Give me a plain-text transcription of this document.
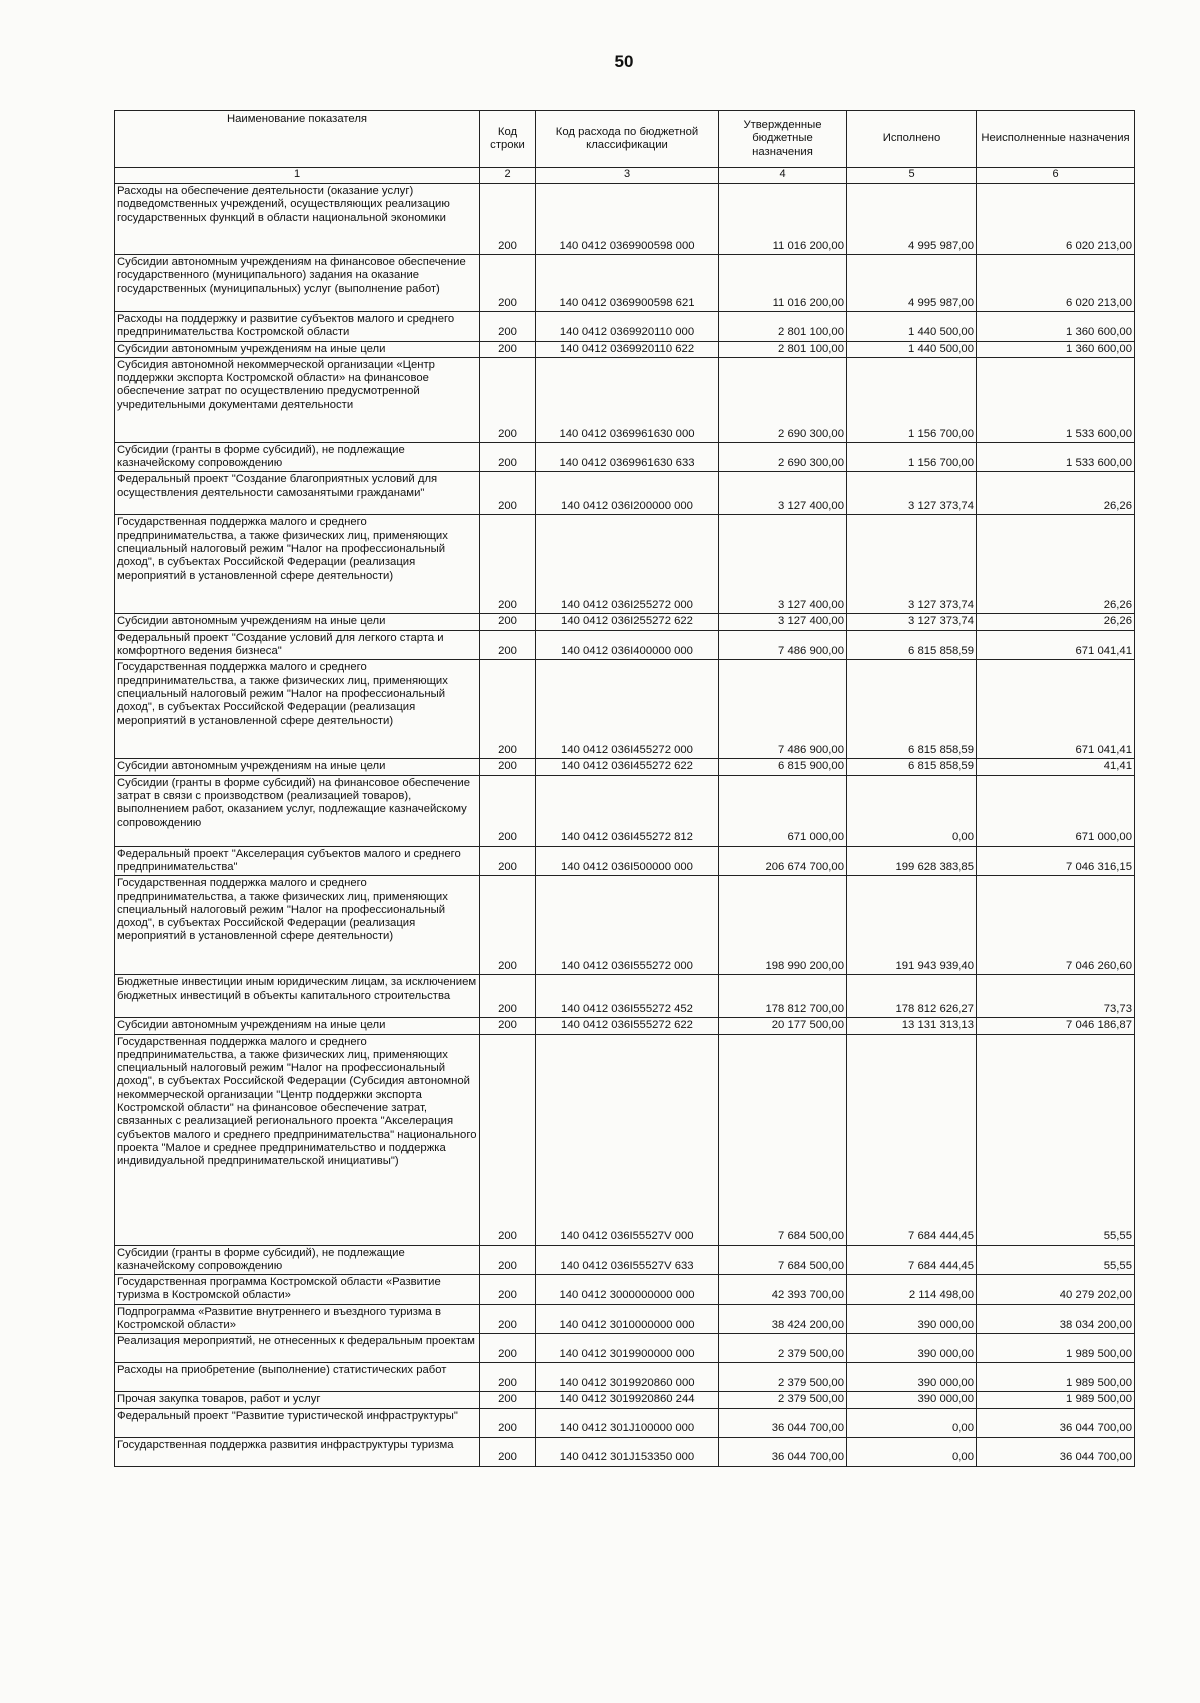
50
Наименование показателя	Код строки	Код расхода по бюджетной классификации	Утвержденные бюджетные назначения	Исполнено	Неисполненные назначения
1	2	3	4	5	6
Расходы на обеспечение деятельности (оказание услуг) подведомственных учреждений, осуществляющих реализацию государственных функций в области национальной экономики	200	140 0412 0369900598 000	11 016 200,00	4 995 987,00	6 020 213,00
Субсидии автономным учреждениям на финансовое обеспечение государственного (муниципального) задания на оказание государственных (муниципальных) услуг (выполнение работ)	200	140 0412 0369900598 621	11 016 200,00	4 995 987,00	6 020 213,00
Расходы на поддержку и развитие субъектов малого и среднего предпринимательства Костромской области	200	140 0412 0369920110 000	2 801 100,00	1 440 500,00	1 360 600,00
Субсидии автономным учреждениям на иные цели	200	140 0412 0369920110 622	2 801 100,00	1 440 500,00	1 360 600,00
Субсидия автономной некоммерческой организации «Центр поддержки экспорта Костромской области» на финансовое обеспечение затрат по осуществлению предусмотренной учредительными документами деятельности	200	140 0412 0369961630 000	2 690 300,00	1 156 700,00	1 533 600,00
Субсидии (гранты в форме субсидий), не подлежащие казначейскому сопровождению	200	140 0412 0369961630 633	2 690 300,00	1 156 700,00	1 533 600,00
Федеральный проект "Создание благоприятных условий для осуществления деятельности самозанятыми гражданами"	200	140 0412 036I200000 000	3 127 400,00	3 127 373,74	26,26
Государственная поддержка малого и среднего предпринимательства, а также физических лиц, применяющих специальный налоговый режим "Налог на профессиональный доход", в субъектах Российской Федерации (реализация мероприятий в установленной сфере деятельности)	200	140 0412 036I255272 000	3 127 400,00	3 127 373,74	26,26
Субсидии автономным учреждениям на иные цели	200	140 0412 036I255272 622	3 127 400,00	3 127 373,74	26,26
Федеральный проект "Создание условий для легкого старта и комфортного ведения бизнеса"	200	140 0412 036I400000 000	7 486 900,00	6 815 858,59	671 041,41
Государственная поддержка малого и среднего предпринимательства, а также физических лиц, применяющих специальный налоговый режим "Налог на профессиональный доход", в субъектах Российской Федерации (реализация мероприятий в установленной сфере деятельности)	200	140 0412 036I455272 000	7 486 900,00	6 815 858,59	671 041,41
Субсидии автономным учреждениям на иные цели	200	140 0412 036I455272 622	6 815 900,00	6 815 858,59	41,41
Субсидии (гранты в форме субсидий) на финансовое обеспечение затрат в связи с производством (реализацией товаров), выполнением работ, оказанием услуг, подлежащие казначейскому сопровождению	200	140 0412 036I455272 812	671 000,00	0,00	671 000,00
Федеральный проект "Акселерация субъектов малого и среднего предпринимательства"	200	140 0412 036I500000 000	206 674 700,00	199 628 383,85	7 046 316,15
Государственная поддержка малого и среднего предпринимательства, а также физических лиц, применяющих специальный налоговый режим "Налог на профессиональный доход", в субъектах Российской Федерации (реализация мероприятий в установленной сфере деятельности)	200	140 0412 036I555272 000	198 990 200,00	191 943 939,40	7 046 260,60
Бюджетные инвестиции иным юридическим лицам, за исключением бюджетных инвестиций в объекты капитального строительства	200	140 0412 036I555272 452	178 812 700,00	178 812 626,27	73,73
Субсидии автономным учреждениям на иные цели	200	140 0412 036I555272 622	20 177 500,00	13 131 313,13	7 046 186,87
Государственная поддержка малого и среднего предпринимательства, а также физических лиц, применяющих специальный налоговый режим "Налог на профессиональный доход", в субъектах Российской Федерации (Субсидия автономной некоммерческой организации "Центр поддержки экспорта Костромской области" на финансовое обеспечение затрат, связанных с реализацией регионального проекта "Акселерация субъектов малого и среднего предпринимательства" национального проекта "Малое и среднее предпринимательство и поддержка индивидуальной предпринимательской инициативы")	200	140 0412 036I55527V 000	7 684 500,00	7 684 444,45	55,55
Субсидии (гранты в форме субсидий), не подлежащие казначейскому сопровождению	200	140 0412 036I55527V 633	7 684 500,00	7 684 444,45	55,55
Государственная программа Костромской области «Развитие туризма в Костромской области»	200	140 0412 3000000000 000	42 393 700,00	2 114 498,00	40 279 202,00
Подпрограмма «Развитие внутреннего и въездного туризма в Костромской области»	200	140 0412 3010000000 000	38 424 200,00	390 000,00	38 034 200,00
Реализация мероприятий, не отнесенных к федеральным проектам	200	140 0412 3019900000 000	2 379 500,00	390 000,00	1 989 500,00
Расходы на приобретение (выполнение) статистических работ	200	140 0412 3019920860 000	2 379 500,00	390 000,00	1 989 500,00
Прочая закупка товаров, работ и услуг	200	140 0412 3019920860 244	2 379 500,00	390 000,00	1 989 500,00
Федеральный проект "Развитие туристической инфраструктуры"	200	140 0412 301J100000 000	36 044 700,00	0,00	36 044 700,00
Государственная поддержка развития инфраструктуры туризма	200	140 0412 301J153350 000	36 044 700,00	0,00	36 044 700,00
